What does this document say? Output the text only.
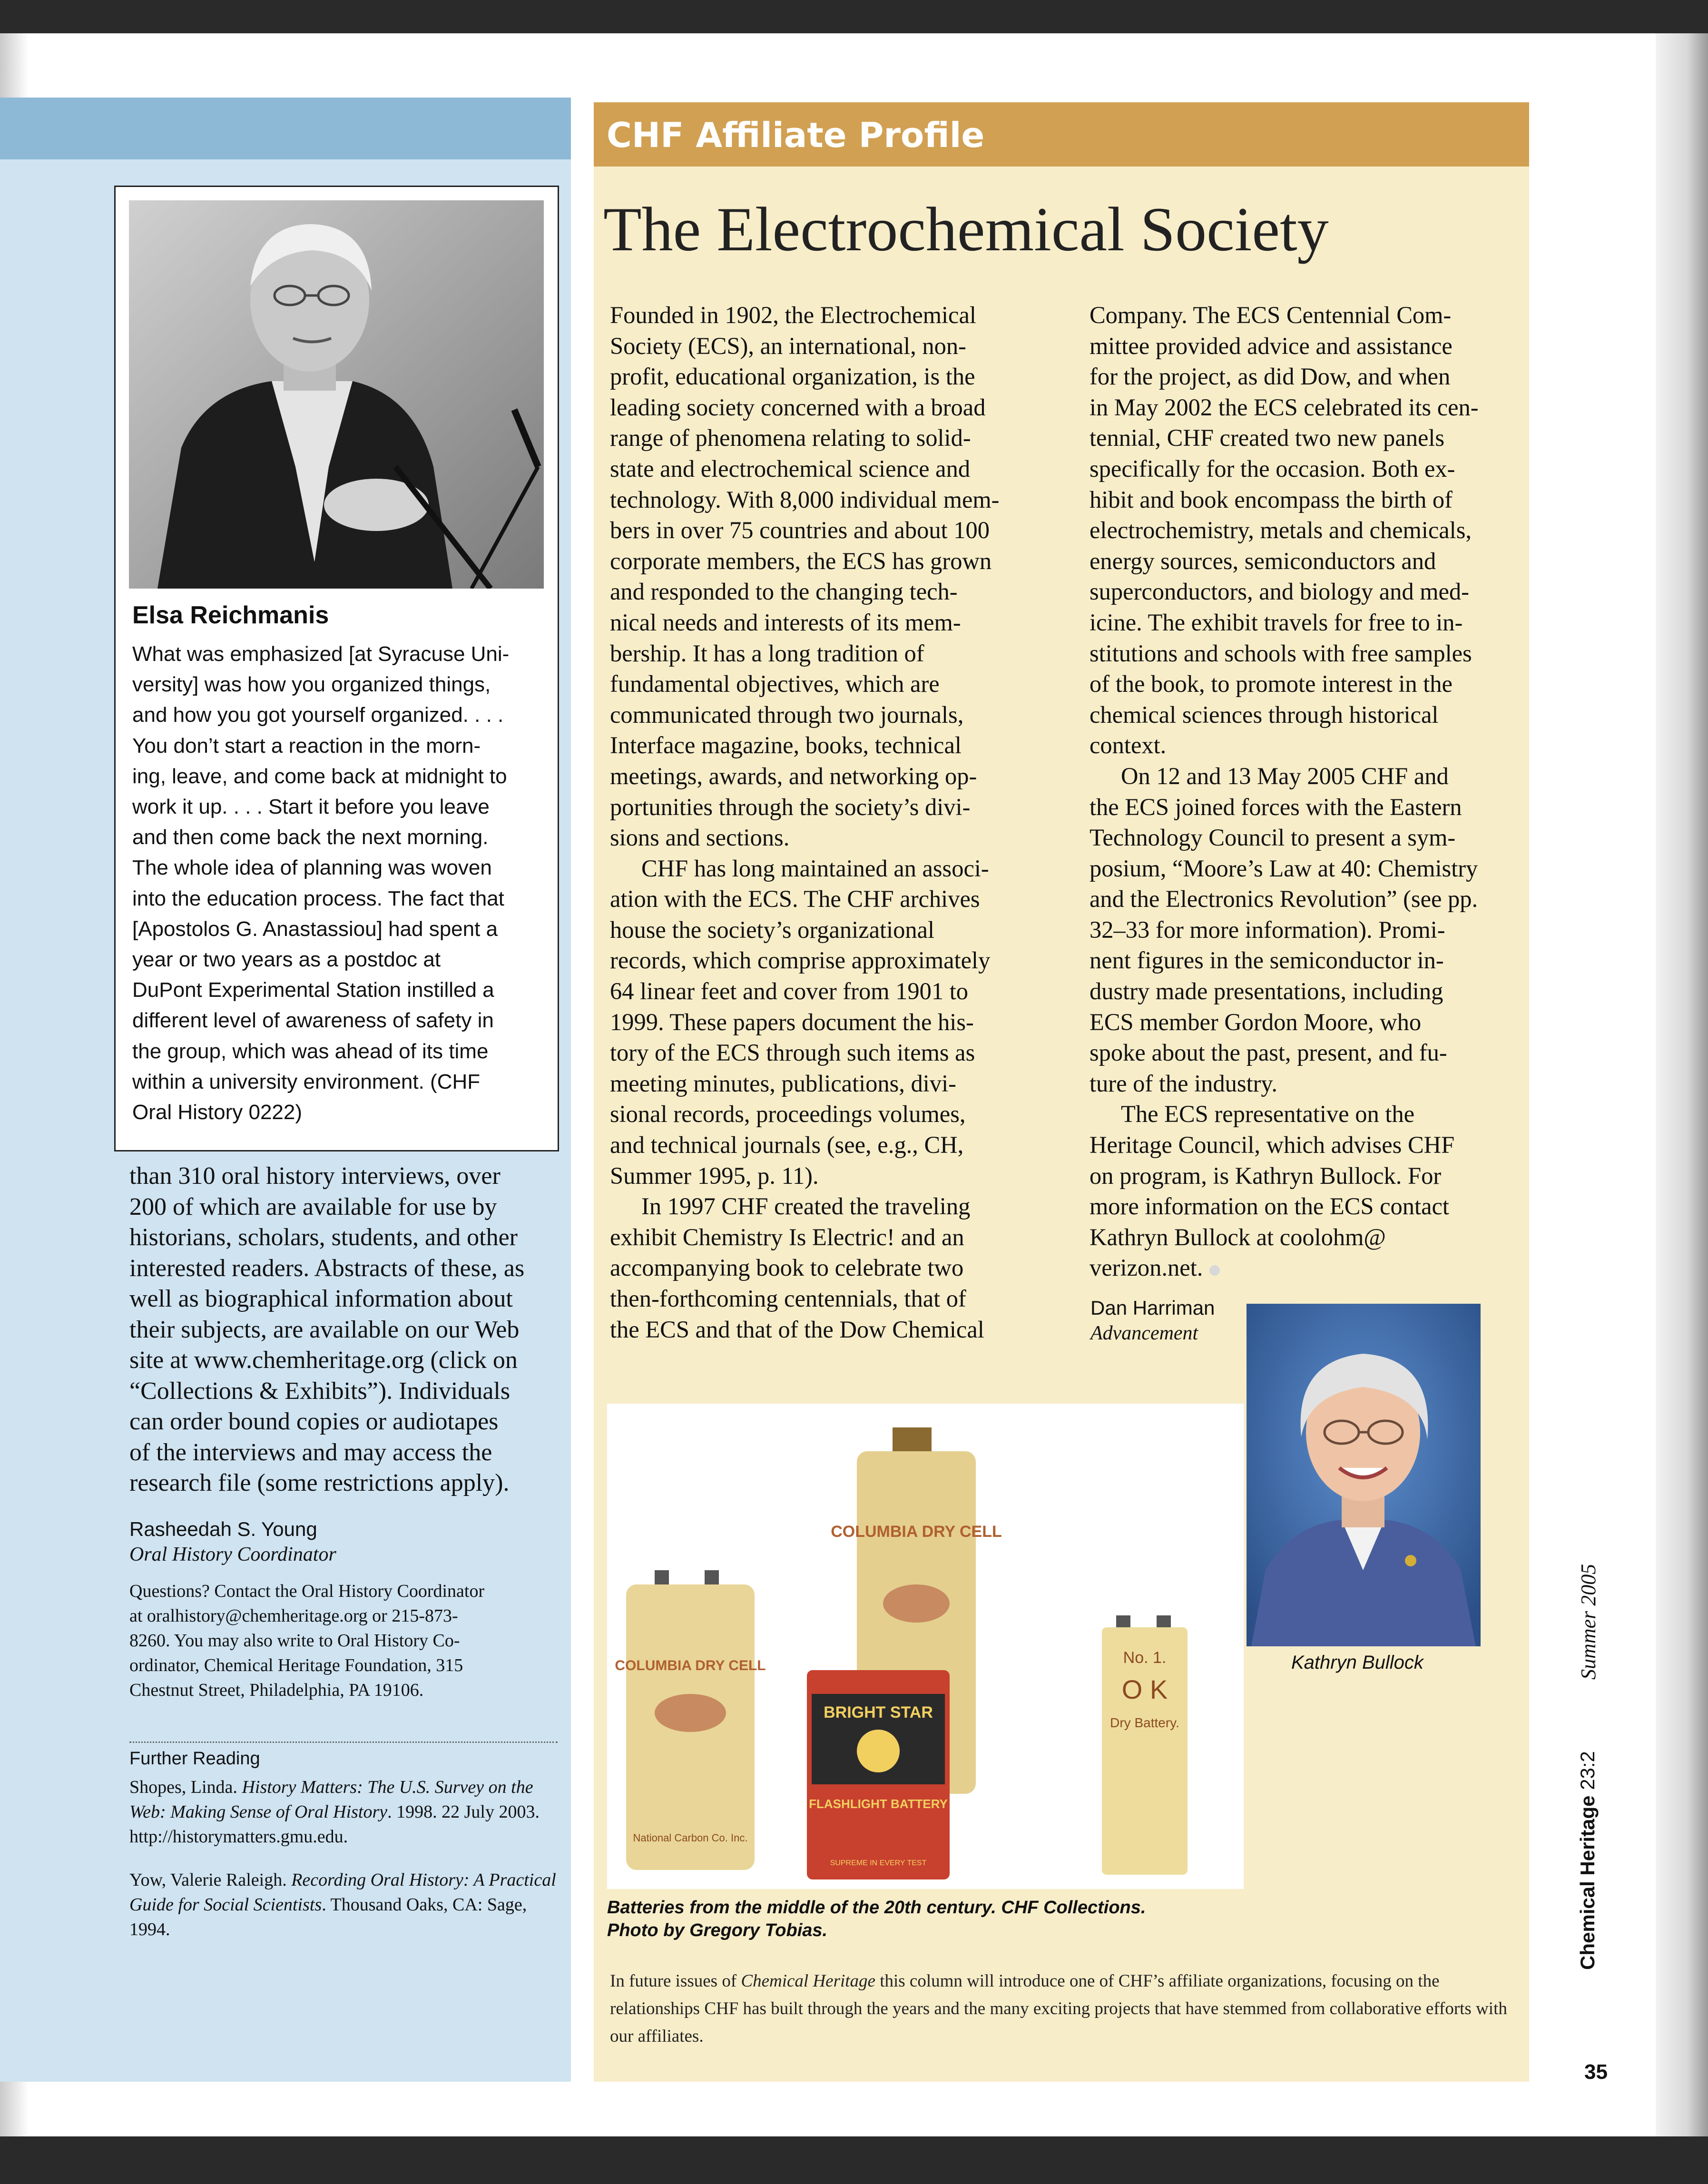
Elsa Reichmanis
What was emphasized [at Syracuse Uni-
versity] was how you organized things,
and how you got yourself organized. . . .
You don’t start a reaction in the morn-
ing, leave, and come back at midnight to
work it up. . . . Start it before you leave
and then come back the next morning.
The whole idea of planning was woven
into the education process. The fact that
[Apostolos G. Anastassiou] had spent a
year or two years as a postdoc at
DuPont Experimental Station instilled a
different level of awareness of safety in
the group, which was ahead of its time
within a university environment. (CHF
Oral History 0222)
than 310 oral history interviews, over
200 of which are available for use by
historians, scholars, students, and other
interested readers. Abstracts of these, as
well as biographical information about
their subjects, are available on our Web
site at www.chemheritage.org (click on
“Collections & Exhibits”). Individuals
can order bound copies or audiotapes
of the interviews and may access the
research file (some restrictions apply).
Rasheedah S. Young
Oral History Coordinator
Questions? Contact the Oral History Coordinator
at oralhistory@chemheritage.org or 215-873-
8260. You may also write to Oral History Co-
ordinator, Chemical Heritage Foundation, 315
Chestnut Street, Philadelphia, PA 19106.
Further Reading
Shopes, Linda. History Matters: The U.S. Survey on the Web: Making Sense of Oral History. 1998. 22 July 2003. http://historymatters.gmu.edu.
Yow, Valerie Raleigh. Recording Oral History: A Practical Guide for Social Scientists. Thousand Oaks, CA: Sage, 1994.
CHF Affiliate Profile
The Electrochemical Society
Founded in 1902, the Electrochemical
Society (ECS), an international, non-
profit, educational organization, is the
leading society concerned with a broad
range of phenomena relating to solid-
state and electrochemical science and
technology. With 8,000 individual mem-
bers in over 75 countries and about 100
corporate members, the ECS has grown
and responded to the changing tech-
nical needs and interests of its mem-
bership. It has a long tradition of
fundamental objectives, which are
communicated through two journals,
Interface magazine, books, technical
meetings, awards, and networking op-
portunities through the society’s divi-
sions and sections.
CHF has long maintained an associ-
ation with the ECS. The CHF archives
house the society’s organizational
records, which comprise approximately
64 linear feet and cover from 1901 to
1999. These papers document the his-
tory of the ECS through such items as
meeting minutes, publications, divi-
sional records, proceedings volumes,
and technical journals (see, e.g., CH,
Summer 1995, p. 11).
In 1997 CHF created the traveling
exhibit Chemistry Is Electric! and an
accompanying book to celebrate two
then-forthcoming centennials, that of
the ECS and that of the Dow Chemical
Company. The ECS Centennial Com-
mittee provided advice and assistance
for the project, as did Dow, and when
in May 2002 the ECS celebrated its cen-
tennial, CHF created two new panels
specifically for the occasion. Both ex-
hibit and book encompass the birth of
electrochemistry, metals and chemicals,
energy sources, semiconductors and
superconductors, and biology and med-
icine. The exhibit travels for free to in-
stitutions and schools with free samples
of the book, to promote interest in the
chemical sciences through historical
context.
On 12 and 13 May 2005 CHF and
the ECS joined forces with the Eastern
Technology Council to present a sym-
posium, “Moore’s Law at 40: Chemistry
and the Electronics Revolution” (see pp.
32–33 for more information). Promi-
nent figures in the semiconductor in-
dustry made presentations, including
ECS member Gordon Moore, who
spoke about the past, present, and fu-
ture of the industry.
The ECS representative on the
Heritage Council, which advises CHF
on program, is Kathryn Bullock. For
more information on the ECS contact
Kathryn Bullock at coolohm@
verizon.net.
Dan Harriman
Advancement
Kathryn Bullock
COLUMBIA DRY CELL
COLUMBIA DRY CELL
National Carbon Co. Inc.
BRIGHT STAR
FLASHLIGHT BATTERY
SUPREME IN EVERY TEST
No. 1.
O K
Dry Battery.
Batteries from the middle of the 20th century. CHF Collections.
Photo by Gregory Tobias.
In future issues of Chemical Heritage this column will introduce one of CHF’s affiliate organizations, focusing on the relationships CHF has built through the years and the many exciting projects that have stemmed from collaborative efforts with our affiliates.
Chemical Heritage 23:2
Summer 2005
35
